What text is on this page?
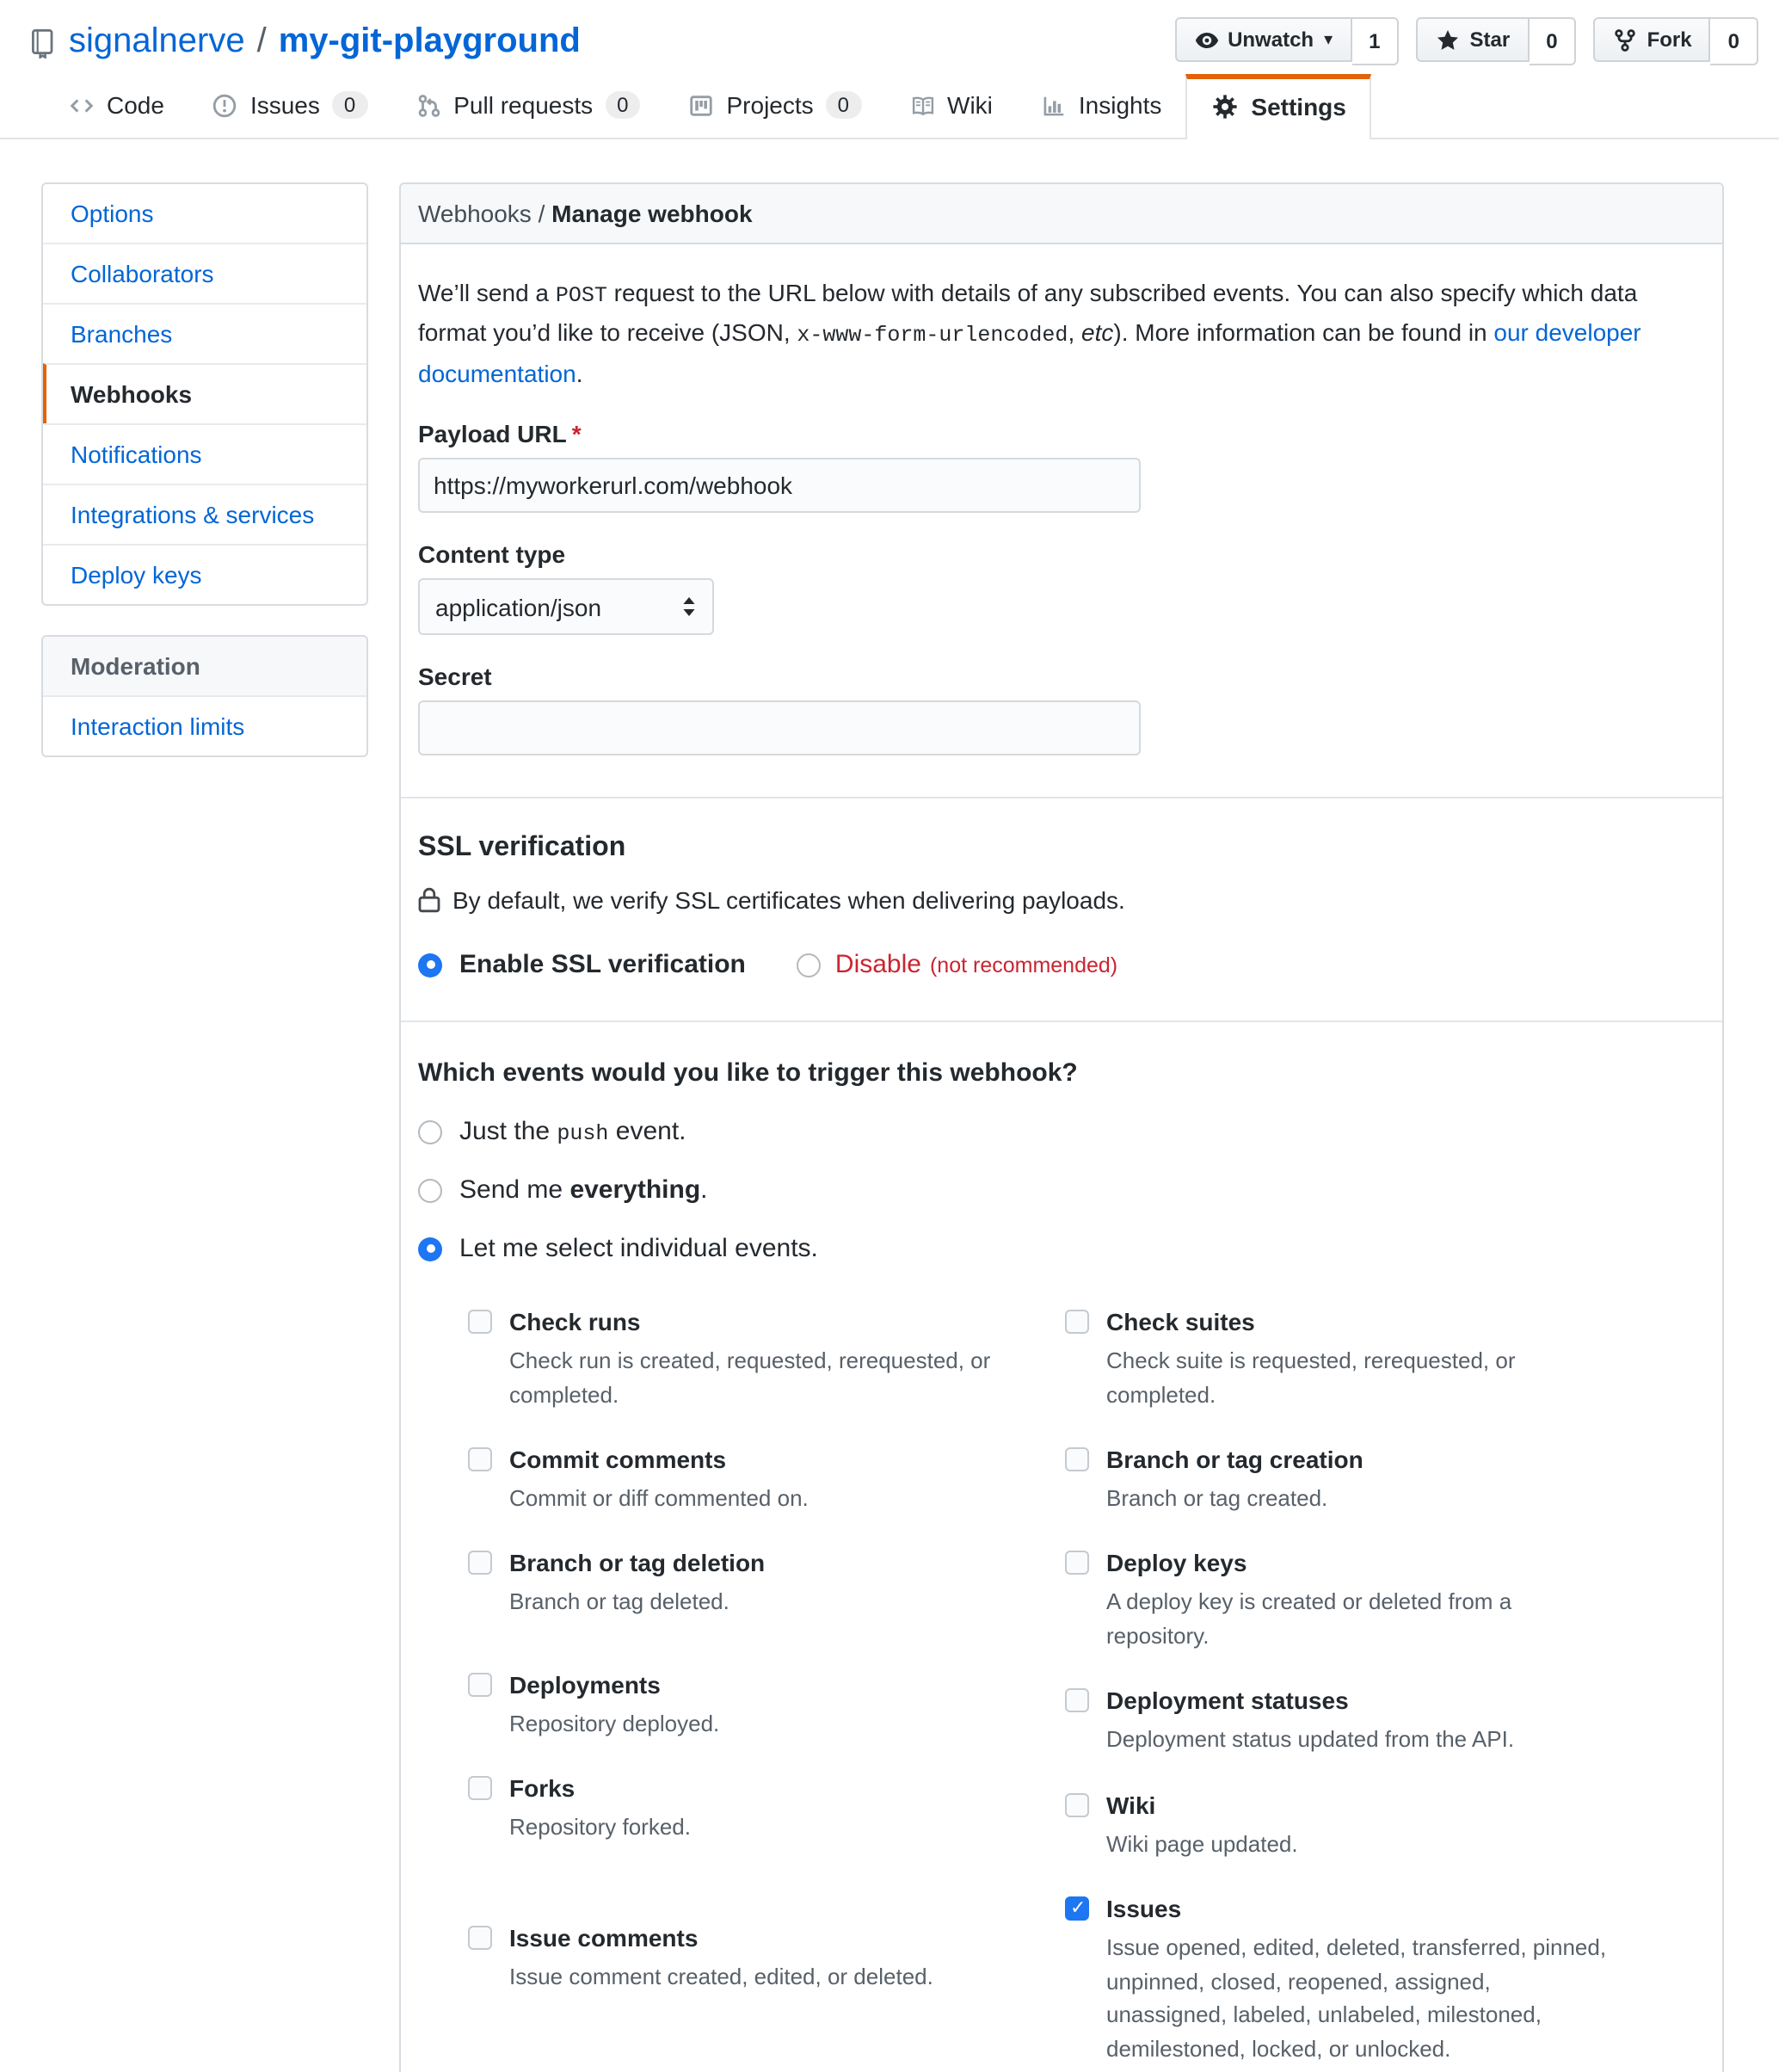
signalnerve / my-git-playground	Unwatch ▾	1	Star	0	Fork	0
Code	Issues	0	Pull requests	0	Projects	0	Wiki	Insights	Settings
Options
Collaborators
Branches
Webhooks
Notifications
Integrations & services
Deploy keys
Moderation
Interaction limits
Webhooks / Manage webhook

We’ll send a POST request to the URL below with details of any subscribed events. You can also specify which data format you’d like to receive (JSON, x-www-form-urlencoded, etc). More information can be found in our developer documentation.

Payload URL *
https://myworkerurl.com/webhook
Content type
application/json
Secret
SSL verification
By default, we verify SSL certificates when delivering payloads.
Enable SSL verification	Disable (not recommended)
Which events would you like to trigger this webhook?
Just the push event.
Send me everything.
Let me select individual events.
Check runs
Check run is created, requested, rerequested, or completed.
Commit comments
Commit or diff commented on.
Branch or tag deletion
Branch or tag deleted.
Deployments
Repository deployed.
Forks
Repository forked.
Issue comments
Issue comment created, edited, or deleted.
Check suites
Check suite is requested, rerequested, or completed.
Branch or tag creation
Branch or tag created.
Deploy keys
A deploy key is created or deleted from a repository.
Deployment statuses
Deployment status updated from the API.
Wiki
Wiki page updated.
✓
Issues
Issue opened, edited, deleted, transferred, pinned, unpinned, closed, reopened, assigned, unassigned, labeled, unlabeled, milestoned, demilestoned, locked, or unlocked.
